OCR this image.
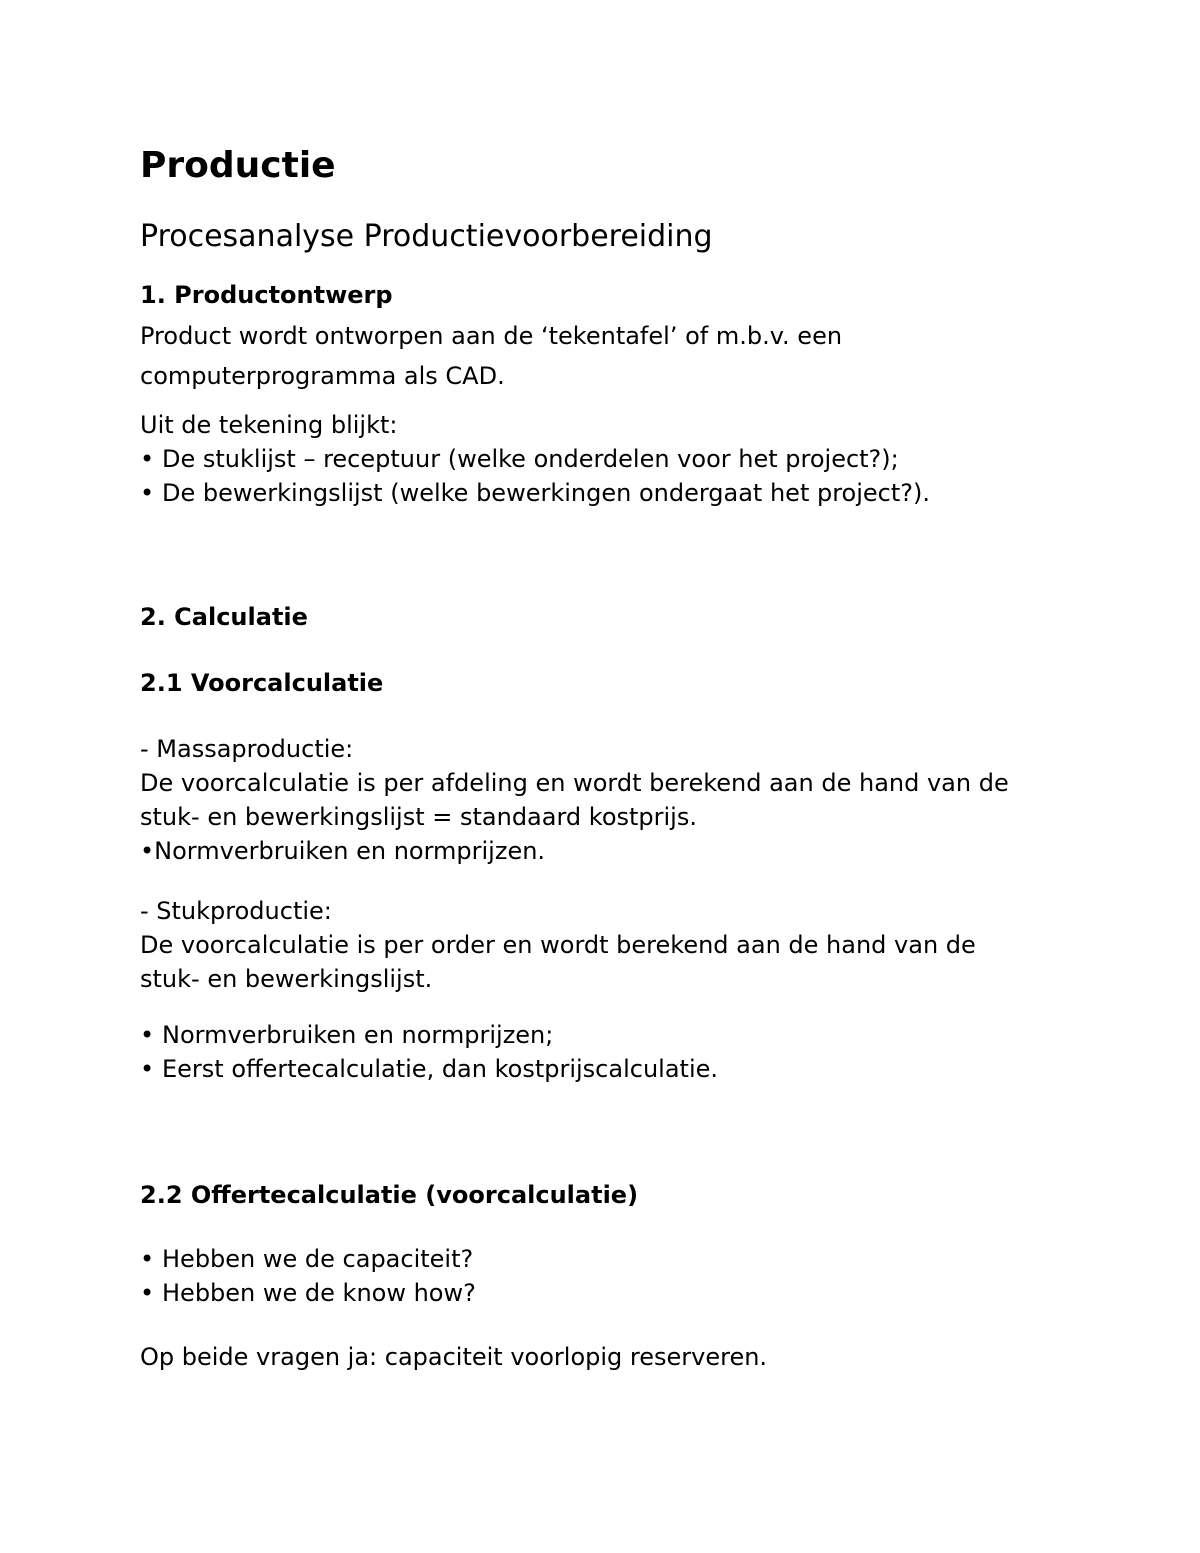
Productie
Procesanalyse Productievoorbereiding
1. Productontwerp
Product wordt ontworpen aan de ‘tekentafel’ of m.b.v. een
computerprogramma als CAD.
Uit de tekening blijkt:
• De stuklijst – receptuur (welke onderdelen voor het project?);
• De bewerkingslijst (welke bewerkingen ondergaat het project?).
2. Calculatie
2.1 Voorcalculatie
- Massaproductie:
De voorcalculatie is per afdeling en wordt berekend aan de hand van de
stuk- en bewerkingslijst = standaard kostprijs.
•Normverbruiken en normprijzen.
- Stukproductie:
De voorcalculatie is per order en wordt berekend aan de hand van de
stuk- en bewerkingslijst.
• Normverbruiken en normprijzen;
• Eerst offertecalculatie, dan kostprijscalculatie.
2.2 Offertecalculatie (voorcalculatie)
• Hebben we de capaciteit?
• Hebben we de know how?
Op beide vragen ja: capaciteit voorlopig reserveren.
